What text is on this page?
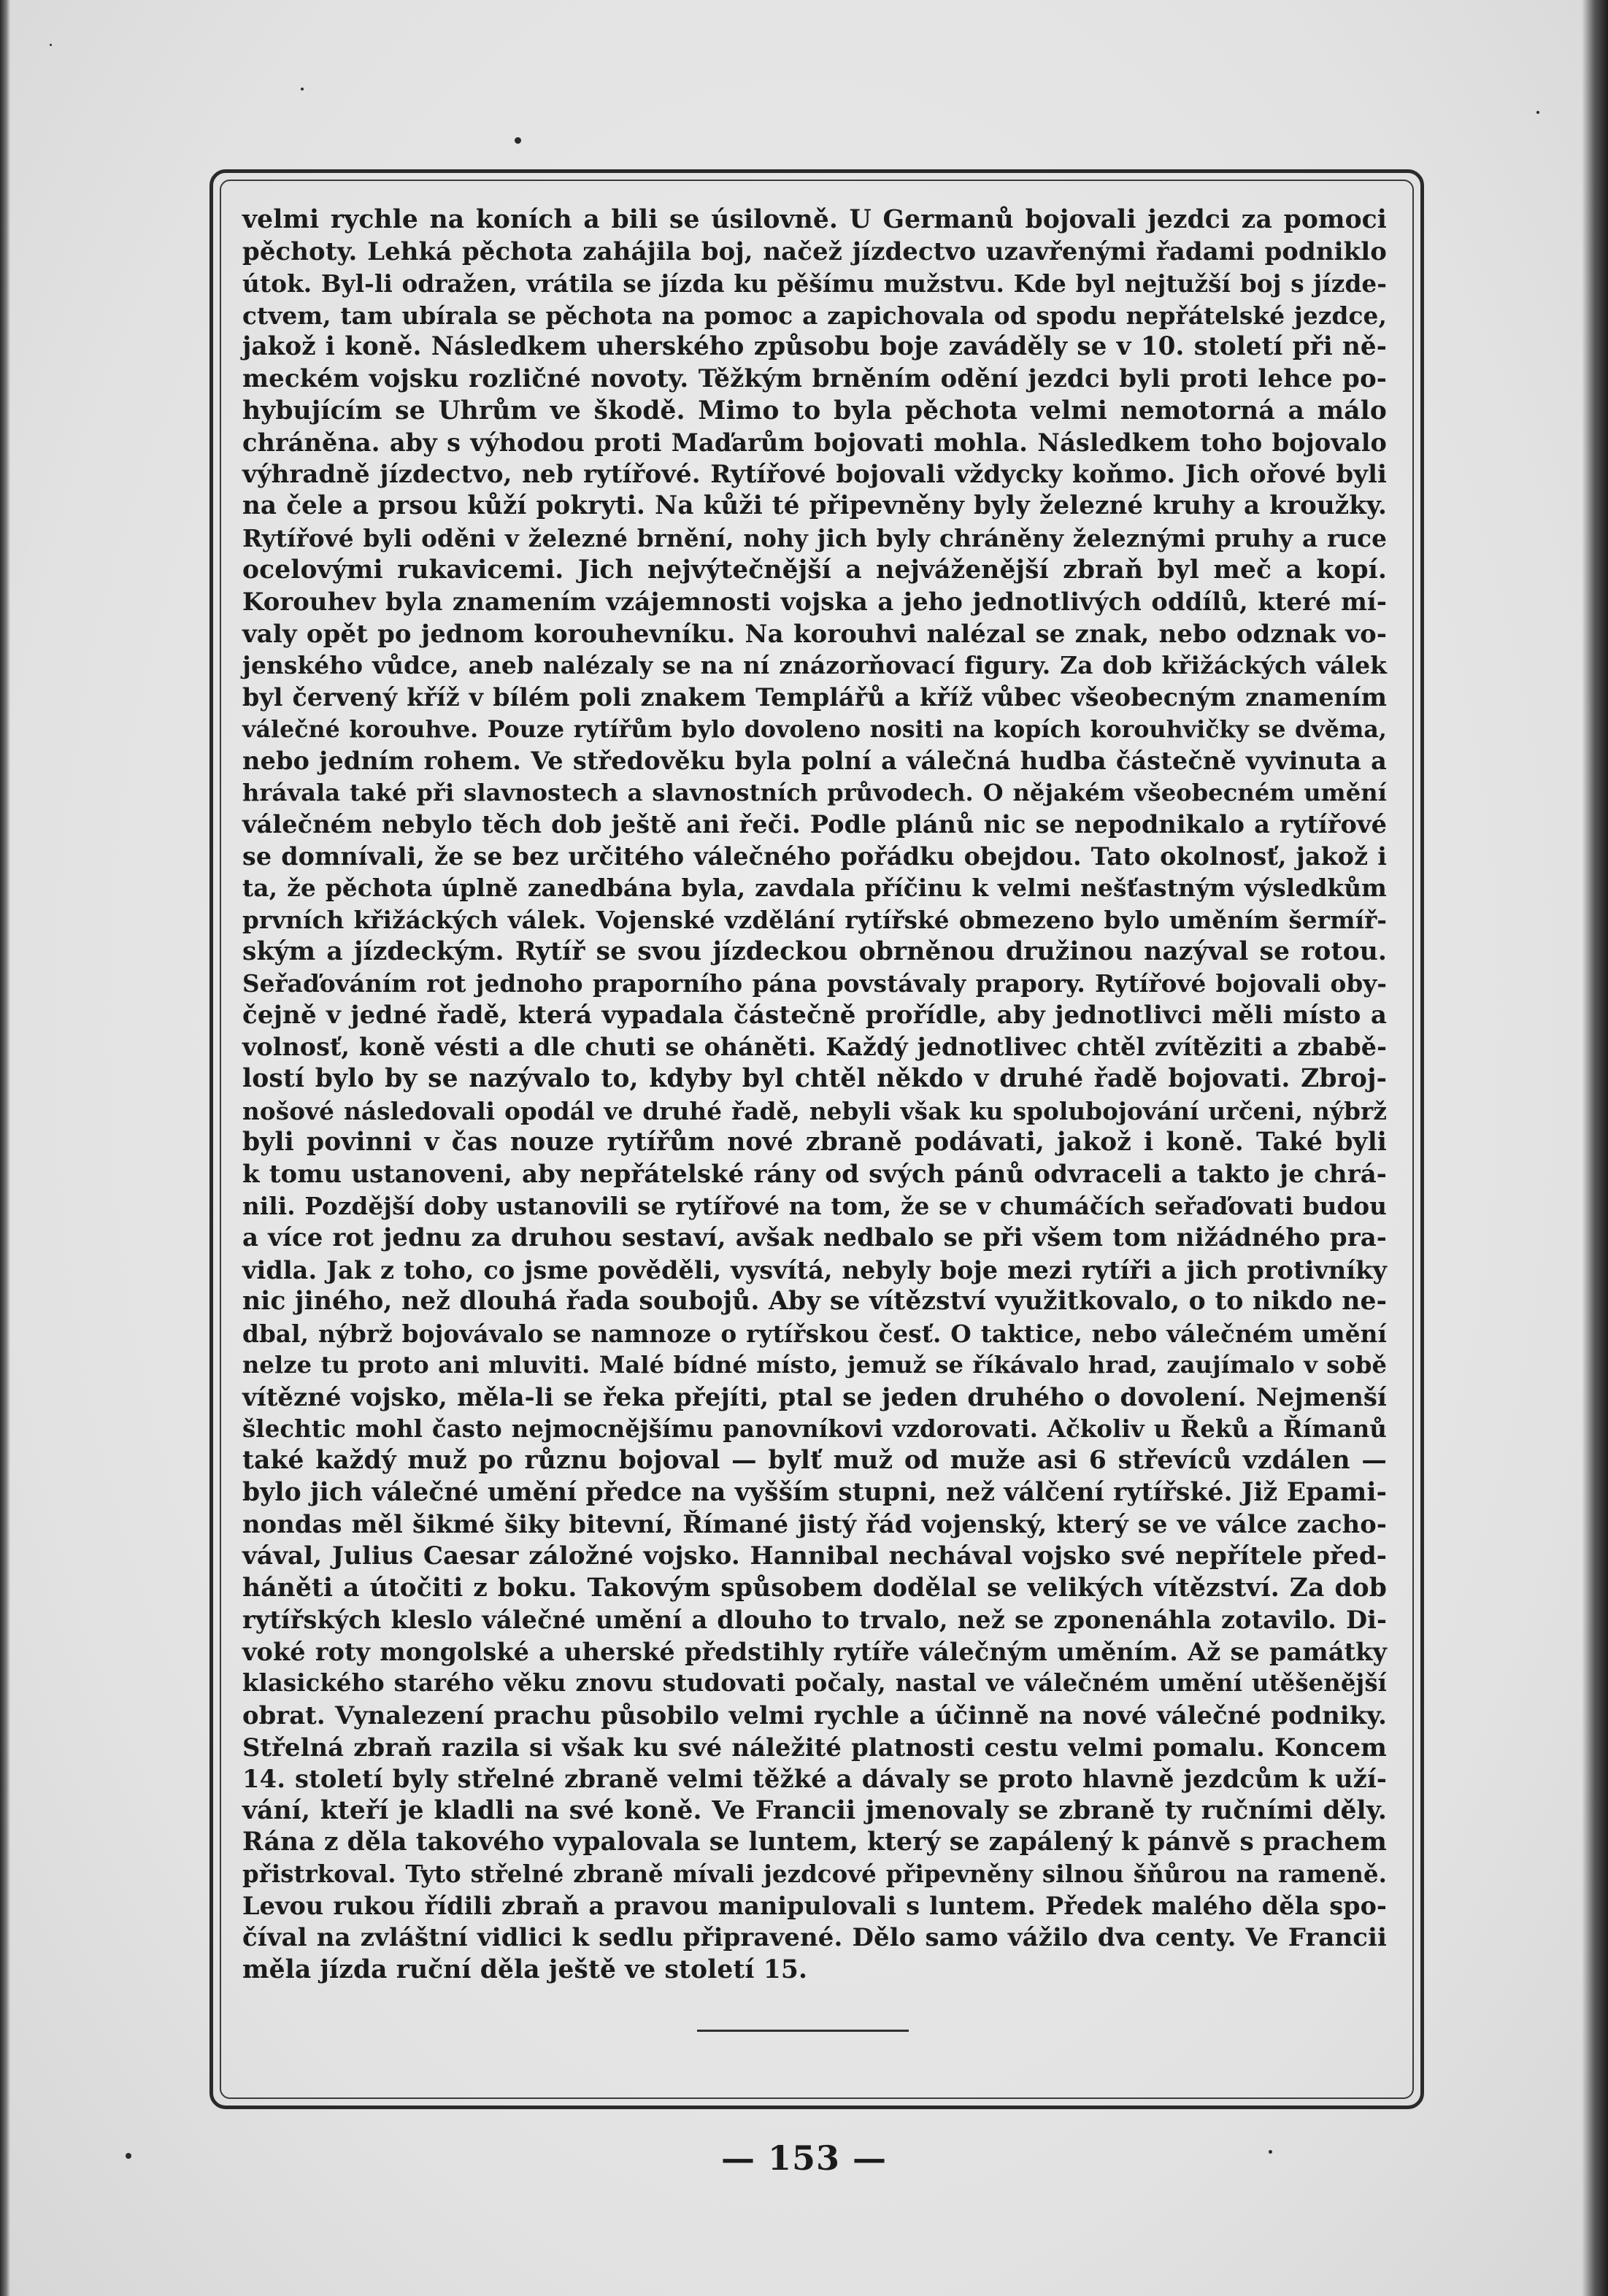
velmi rychle na koních a bili se úsilovně. U Germanů bojovali jezdci za pomoci
pěchoty. Lehká pěchota zahájila boj, načež jízdectvo uzavřenými řadami podniklo
útok. Byl-li odražen, vrátila se jízda ku pěšímu mužstvu. Kde byl nejtužší boj s jízde-
ctvem, tam ubírala se pěchota na pomoc a zapichovala od spodu nepřátelské jezdce,
jakož i koně. Následkem uherského způsobu boje zaváděly se v 10. století při ně-
meckém vojsku rozličné novoty. Těžkým brněním odění jezdci byli proti lehce po-
hybujícím se Uhrům ve škodě. Mimo to byla pěchota velmi nemotorná a málo
chráněna. aby s výhodou proti Maďarům bojovati mohla. Následkem toho bojovalo
výhradně jízdectvo, neb rytířové. Rytířové bojovali vždycky koňmo. Jich ořové byli
na čele a prsou kůží pokryti. Na kůži té připevněny byly železné kruhy a kroužky.
Rytířové byli oděni v železné brnění, nohy jich byly chráněny železnými pruhy a ruce
ocelovými rukavicemi. Jich nejvýtečnější a nejváženější zbraň byl meč a kopí.
Korouhev byla znamením vzájemnosti vojska a jeho jednotlivých oddílů, které mí-
valy opět po jednom korouhevníku. Na korouhvi nalézal se znak, nebo odznak vo-
jenského vůdce, aneb nalézaly se na ní znázorňovací figury. Za dob křižáckých válek
byl červený kříž v bílém poli znakem Templářů a kříž vůbec všeobecným znamením
válečné korouhve. Pouze rytířům bylo dovoleno nositi na kopích korouhvičky se dvěma,
nebo jedním rohem. Ve středověku byla polní a válečná hudba částečně vyvinuta a
hrávala také při slavnostech a slavnostních průvodech. O nějakém všeobecném umění
válečném nebylo těch dob ještě ani řeči. Podle plánů nic se nepodnikalo a rytířové
se domnívali, že se bez určitého válečného pořádku obejdou. Tato okolnosť, jakož i
ta, že pěchota úplně zanedbána byla, zavdala příčinu k velmi nešťastným výsledkům
prvních křižáckých válek. Vojenské vzdělání rytířské obmezeno bylo uměním šermíř-
ským a jízdeckým. Rytíř se svou jízdeckou obrněnou družinou nazýval se rotou.
Seřaďováním rot jednoho praporního pána povstávaly prapory. Rytířové bojovali oby-
čejně v jedné řadě, která vypadala částečně prořídle, aby jednotlivci měli místo a
volnosť, koně vésti a dle chuti se oháněti. Každý jednotlivec chtěl zvítěziti a zbabě-
lostí bylo by se nazývalo to, kdyby byl chtěl někdo v druhé řadě bojovati. Zbroj-
nošové následovali opodál ve druhé řadě, nebyli však ku spolubojování určeni, nýbrž
byli povinni v čas nouze rytířům nové zbraně podávati, jakož i koně. Také byli
k tomu ustanoveni, aby nepřátelské rány od svých pánů odvraceli a takto je chrá-
nili. Pozdější doby ustanovili se rytířové na tom, že se v chumáčích seřaďovati budou
a více rot jednu za druhou sestaví, avšak nedbalo se při všem tom nižádného pra-
vidla. Jak z toho, co jsme pověděli, vysvítá, nebyly boje mezi rytíři a jich protivníky
nic jiného, než dlouhá řada soubojů. Aby se vítězství využitkovalo, o to nikdo ne-
dbal, nýbrž bojovávalo se namnoze o rytířskou česť. O taktice, nebo válečném umění
nelze tu proto ani mluviti. Malé bídné místo, jemuž se říkávalo hrad, zaujímalo v sobě
vítězné vojsko, měla-li se řeka přejíti, ptal se jeden druhého o dovolení. Nejmenší
šlechtic mohl často nejmocnějšímu panovníkovi vzdorovati. Ačkoliv u Řeků a Římanů
také každý muž po různu bojoval — bylť muž od muže asi 6 střevíců vzdálen —
bylo jich válečné umění předce na vyšším stupni, než válčení rytířské. Již Epami-
nondas měl šikmé šiky bitevní, Římané jistý řád vojenský, který se ve válce zacho-
vával, Julius Caesar záložné vojsko. Hannibal nechával vojsko své nepřítele před-
háněti a útočiti z boku. Takovým spůsobem dodělal se velikých vítězství. Za dob
rytířských kleslo válečné umění a dlouho to trvalo, než se zponenáhla zotavilo. Di-
voké roty mongolské a uherské předstihly rytíře válečným uměním. Až se památky
klasického starého věku znovu studovati počaly, nastal ve válečném umění utěšenější
obrat. Vynalezení prachu působilo velmi rychle a účinně na nové válečné podniky.
Střelná zbraň razila si však ku své náležité platnosti cestu velmi pomalu. Koncem
14. století byly střelné zbraně velmi těžké a dávaly se proto hlavně jezdcům k uží-
vání, kteří je kladli na své koně. Ve Francii jmenovaly se zbraně ty ručními děly.
Rána z děla takového vypalovala se luntem, který se zapálený k pánvě s prachem
přistrkoval. Tyto střelné zbraně mívali jezdcové připevněny silnou šňůrou na rameně.
Levou rukou řídili zbraň a pravou manipulovali s luntem. Předek malého děla spo-
číval na zvláštní vidlici k sedlu připravené. Dělo samo vážilo dva centy. Ve Francii
měla jízda ruční děla ještě ve století 15.
— 153 —
